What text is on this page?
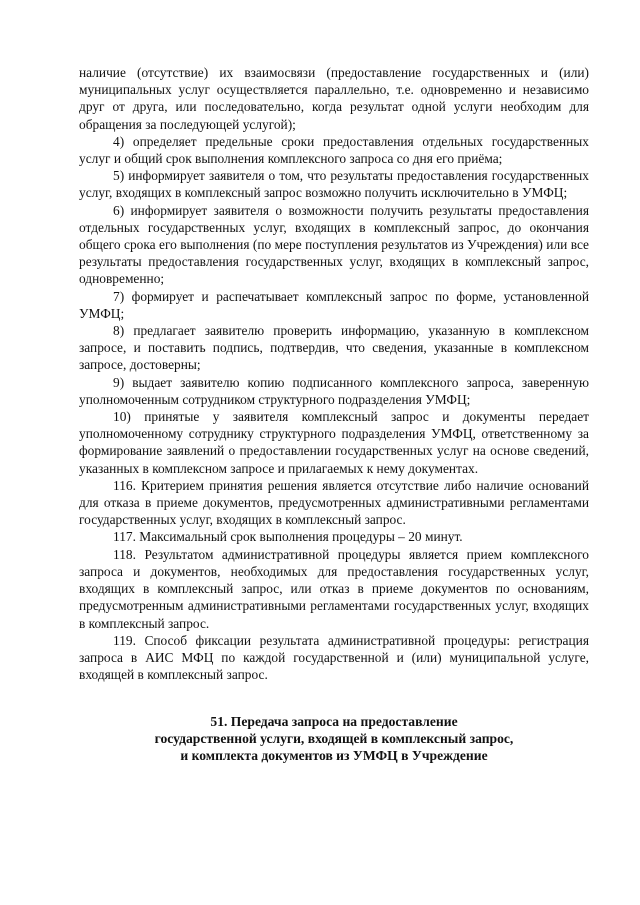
наличие (отсутствие) их взаимосвязи (предоставление государственных и (или) муниципальных услуг осуществляется параллельно, т.е. одновременно и независимо друг от друга, или последовательно, когда результат одной услуги необходим для обращения за последующей услугой);

4) определяет предельные сроки предоставления отдельных государственных услуг и общий срок выполнения комплексного запроса со дня его приёма;

5) информирует заявителя о том, что результаты предоставления государственных услуг, входящих в комплексный запрос возможно получить исключительно в УМФЦ;

6) информирует заявителя о возможности получить результаты предоставления отдельных государственных услуг, входящих в комплексный запрос, до окончания общего срока его выполнения (по мере поступления результатов из Учреждения) или все результаты предоставления государственных услуг, входящих в комплексный запрос, одновременно;

7) формирует и распечатывает комплексный запрос по форме, установленной УМФЦ;

8) предлагает заявителю проверить информацию, указанную в комплексном запросе, и поставить подпись, подтвердив, что сведения, указанные в комплексном запросе, достоверны;

9) выдает заявителю копию подписанного комплексного запроса, заверенную уполномоченным сотрудником структурного подразделения УМФЦ;

10) принятые у заявителя комплексный запрос и документы передает уполномоченному сотруднику структурного подразделения УМФЦ, ответственному за формирование заявлений о предоставлении государственных услуг на основе сведений, указанных в комплексном запросе и прилагаемых к нему документах.

116. Критерием принятия решения является отсутствие либо наличие оснований для отказа в приеме документов, предусмотренных административными регламентами государственных услуг, входящих в комплексный запрос.

117. Максимальный срок выполнения процедуры – 20 минут.

118. Результатом административной процедуры является прием комплексного запроса и документов, необходимых для предоставления государственных услуг, входящих в комплексный запрос, или отказ в приеме документов по основаниям, предусмотренным административными регламентами государственных услуг, входящих в комплексный запрос.

119. Способ фиксации результата административной процедуры: регистрация запроса в АИС МФЦ по каждой государственной и (или) муниципальной услуге, входящей в комплексный запрос.

51. Передача запроса на предоставление
государственной услуги, входящей в комплексный запрос,
и комплекта документов из УМФЦ в Учреждение
